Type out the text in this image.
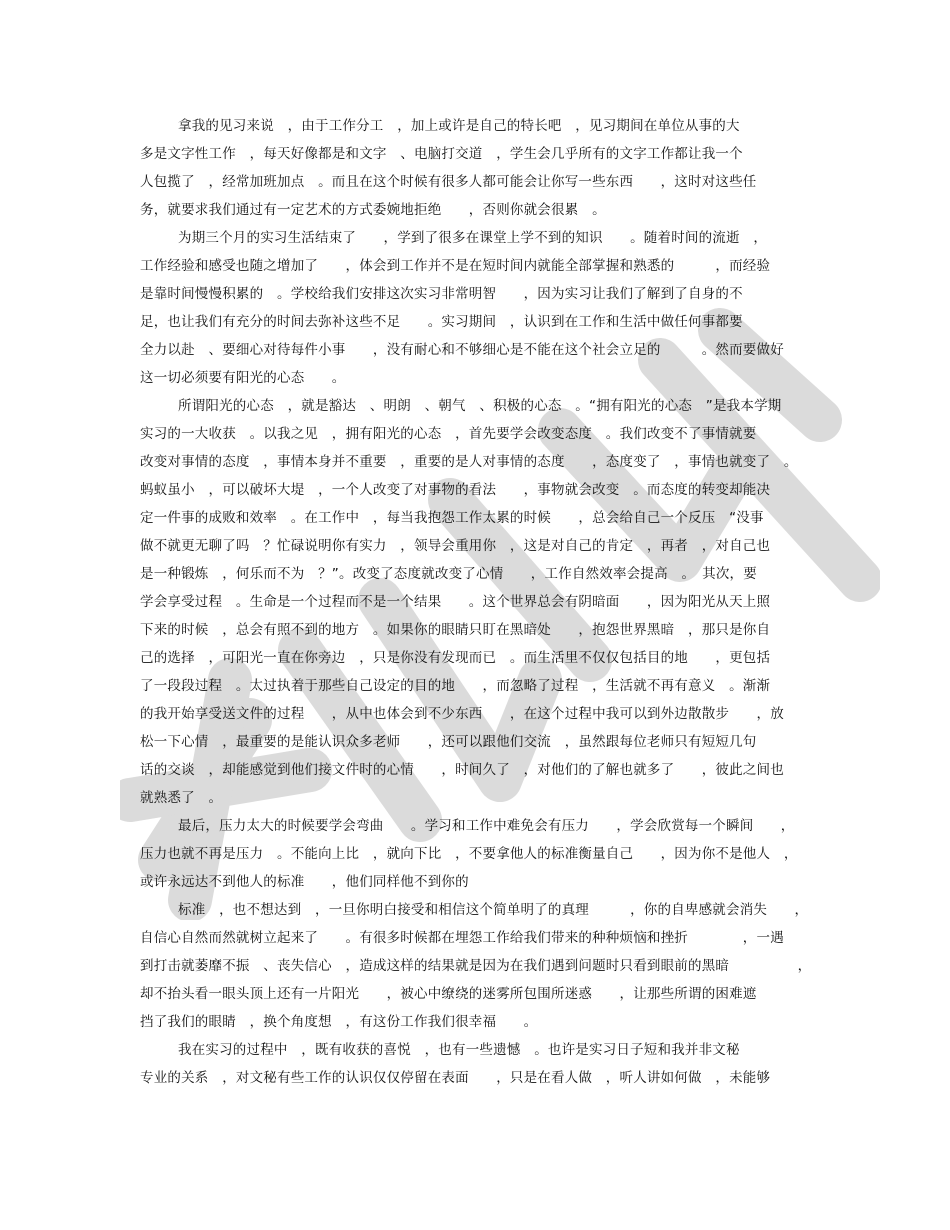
拿我的见习来说　，由于工作分工　，加上或许是自己的特长吧　，见习期间在单位从事的大
多是文字性工作　，每天好像都是和文字　、电脑打交道　，学生会几乎所有的文字工作都让我一个
人包揽了　，经常加班加点　。而且在这个时候有很多人都可能会让你写一些东西　　，这时对这些任
务，就要求我们通过有一定艺术的方式委婉地拒绝　　，否则你就会很累　。

为期三个月的实习生活结束了　　，学到了很多在课堂上学不到的知识　　。随着时间的流逝　，
工作经验和感受也随之增加了　　，体会到工作并不是在短时间内就能全部掌握和熟悉的　　　，而经验
是靠时间慢慢积累的　。学校给我们安排这次实习非常明智　　，因为实习让我们了解到了自身的不
足，也让我们有充分的时间去弥补这些不足　　。实习期间　，认识到在工作和生活中做任何事都要
全力以赴　、要细心对待每件小事　　，没有耐心和不够细心是不能在这个社会立足的　　　。然而要做好
这一切必须要有阳光的心态　　。

所谓阳光的心态　，就是豁达　、明朗　、朝气　、积极的心态　。“拥有阳光的心态　”是我本学期
实习的一大收获　。以我之见　，拥有阳光的心态　，首先要学会改变态度　。我们改变不了事情就要
改变对事情的态度　，事情本身并不重要　，重要的是人对事情的态度　　，态度变了　，事情也就变了　。
蚂蚁虽小　，可以破坏大堤　，一个人改变了对事物的看法　　，事物就会改变　。而态度的转变却能决
定一件事的成败和效率　。在工作中　，每当我抱怨工作太累的时候　　，总会给自己一个反压　“没事
做不就更无聊了吗　？忙碌说明你有实力　，领导会重用你　，这是对自己的肯定　，再者　，对自己也
是一种锻炼　，何乐而不为　？”。改变了态度就改变了心情　　，工作自然效率会提高　。　其次，要
学会享受过程　。生命是一个过程而不是一个结果　　。这个世界总会有阴暗面　　，因为阳光从天上照
下来的时候　，总会有照不到的地方　。如果你的眼睛只盯在黑暗处　　，抱怨世界黑暗　，那只是你自
己的选择　，可阳光一直在你旁边　，只是你没有发现而已　。而生活里不仅仅包括目的地　　，更包括
了一段段过程　。太过执着于那些自己设定的目的地　　，而忽略了过程　，生活就不再有意义　。渐渐
的我开始享受送文件的过程　　，从中也体会到不少东西　　，在这个过程中我可以到外边散散步　　，放
松一下心情　，最重要的是能认识众多老师　　，还可以跟他们交流　，虽然跟每位老师只有短短几句
话的交谈　，却能感觉到他们接文件时的心情　　，时间久了　，对他们的了解也就多了　　，彼此之间也
就熟悉了　。

最后，压力太大的时候要学会弯曲　　。学习和工作中难免会有压力　　，学会欣赏每一个瞬间　　，
压力也就不再是压力　。不能向上比　，就向下比　，不要拿他人的标准衡量自己　　，因为你不是他人　，
或许永远达不到他人的标准　　，他们同样他不到你的

标准　，也不想达到　，一旦你明白接受和相信这个简单明了的真理　　　，你的自卑感就会消失　　，
自信心自然而然就树立起来了　　。有很多时候都在埋怨工作给我们带来的种种烦恼和挫折　　　　，一遇
到打击就萎靡不振　、丧失信心　，造成这样的结果就是因为在我们遇到问题时只看到眼前的黑暗　　　　　，
却不抬头看一眼头顶上还有一片阳光　　，被心中缭绕的迷雾所包围所迷惑　　，让那些所谓的困难遮
挡了我们的眼睛　，换个角度想　，有这份工作我们很幸福　　。

我在实习的过程中　，既有收获的喜悦　，也有一些遗憾　。也许是实习日子短和我并非文秘
专业的关系　，对文秘有些工作的认识仅仅停留在表面　　，只是在看人做　，听人讲如何做　，未能够
